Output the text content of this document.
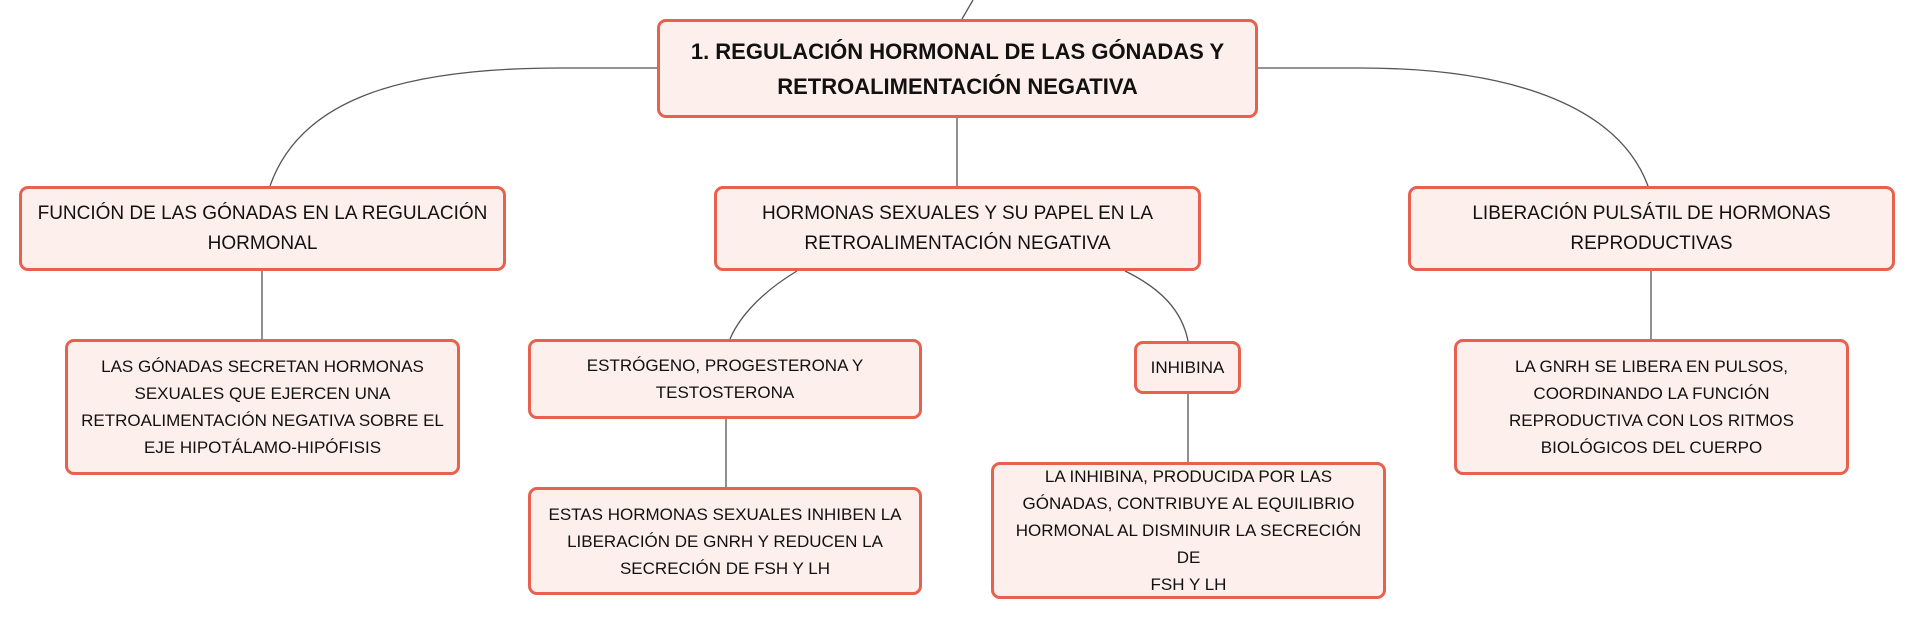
1. REGULACIÓN HORMONAL DE LAS GÓNADAS Y
RETROALIMENTACIÓN NEGATIVA
FUNCIÓN DE LAS GÓNADAS EN LA REGULACIÓN
HORMONAL
HORMONAS SEXUALES Y SU PAPEL EN LA
RETROALIMENTACIÓN NEGATIVA
LIBERACIÓN PULSÁTIL DE HORMONAS
REPRODUCTIVAS
LAS GÓNADAS SECRETAN HORMONAS
SEXUALES QUE EJERCEN UNA
RETROALIMENTACIÓN NEGATIVA SOBRE EL
EJE HIPOTÁLAMO-HIPÓFISIS
ESTRÓGENO, PROGESTERONA Y
TESTOSTERONA
INHIBINA	LA GNRH SE LIBERA EN PULSOS,
COORDINANDO LA FUNCIÓN
REPRODUCTIVA CON LOS RITMOS
BIOLÓGICOS DEL CUERPO
ESTAS HORMONAS SEXUALES INHIBEN LA
LIBERACIÓN DE GNRH Y REDUCEN LA
SECRECIÓN DE FSH Y LH
LA INHIBINA, PRODUCIDA POR LAS
GÓNADAS, CONTRIBUYE AL EQUILIBRIO
HORMONAL AL DISMINUIR LA SECRECIÓN DE
FSH Y LH
